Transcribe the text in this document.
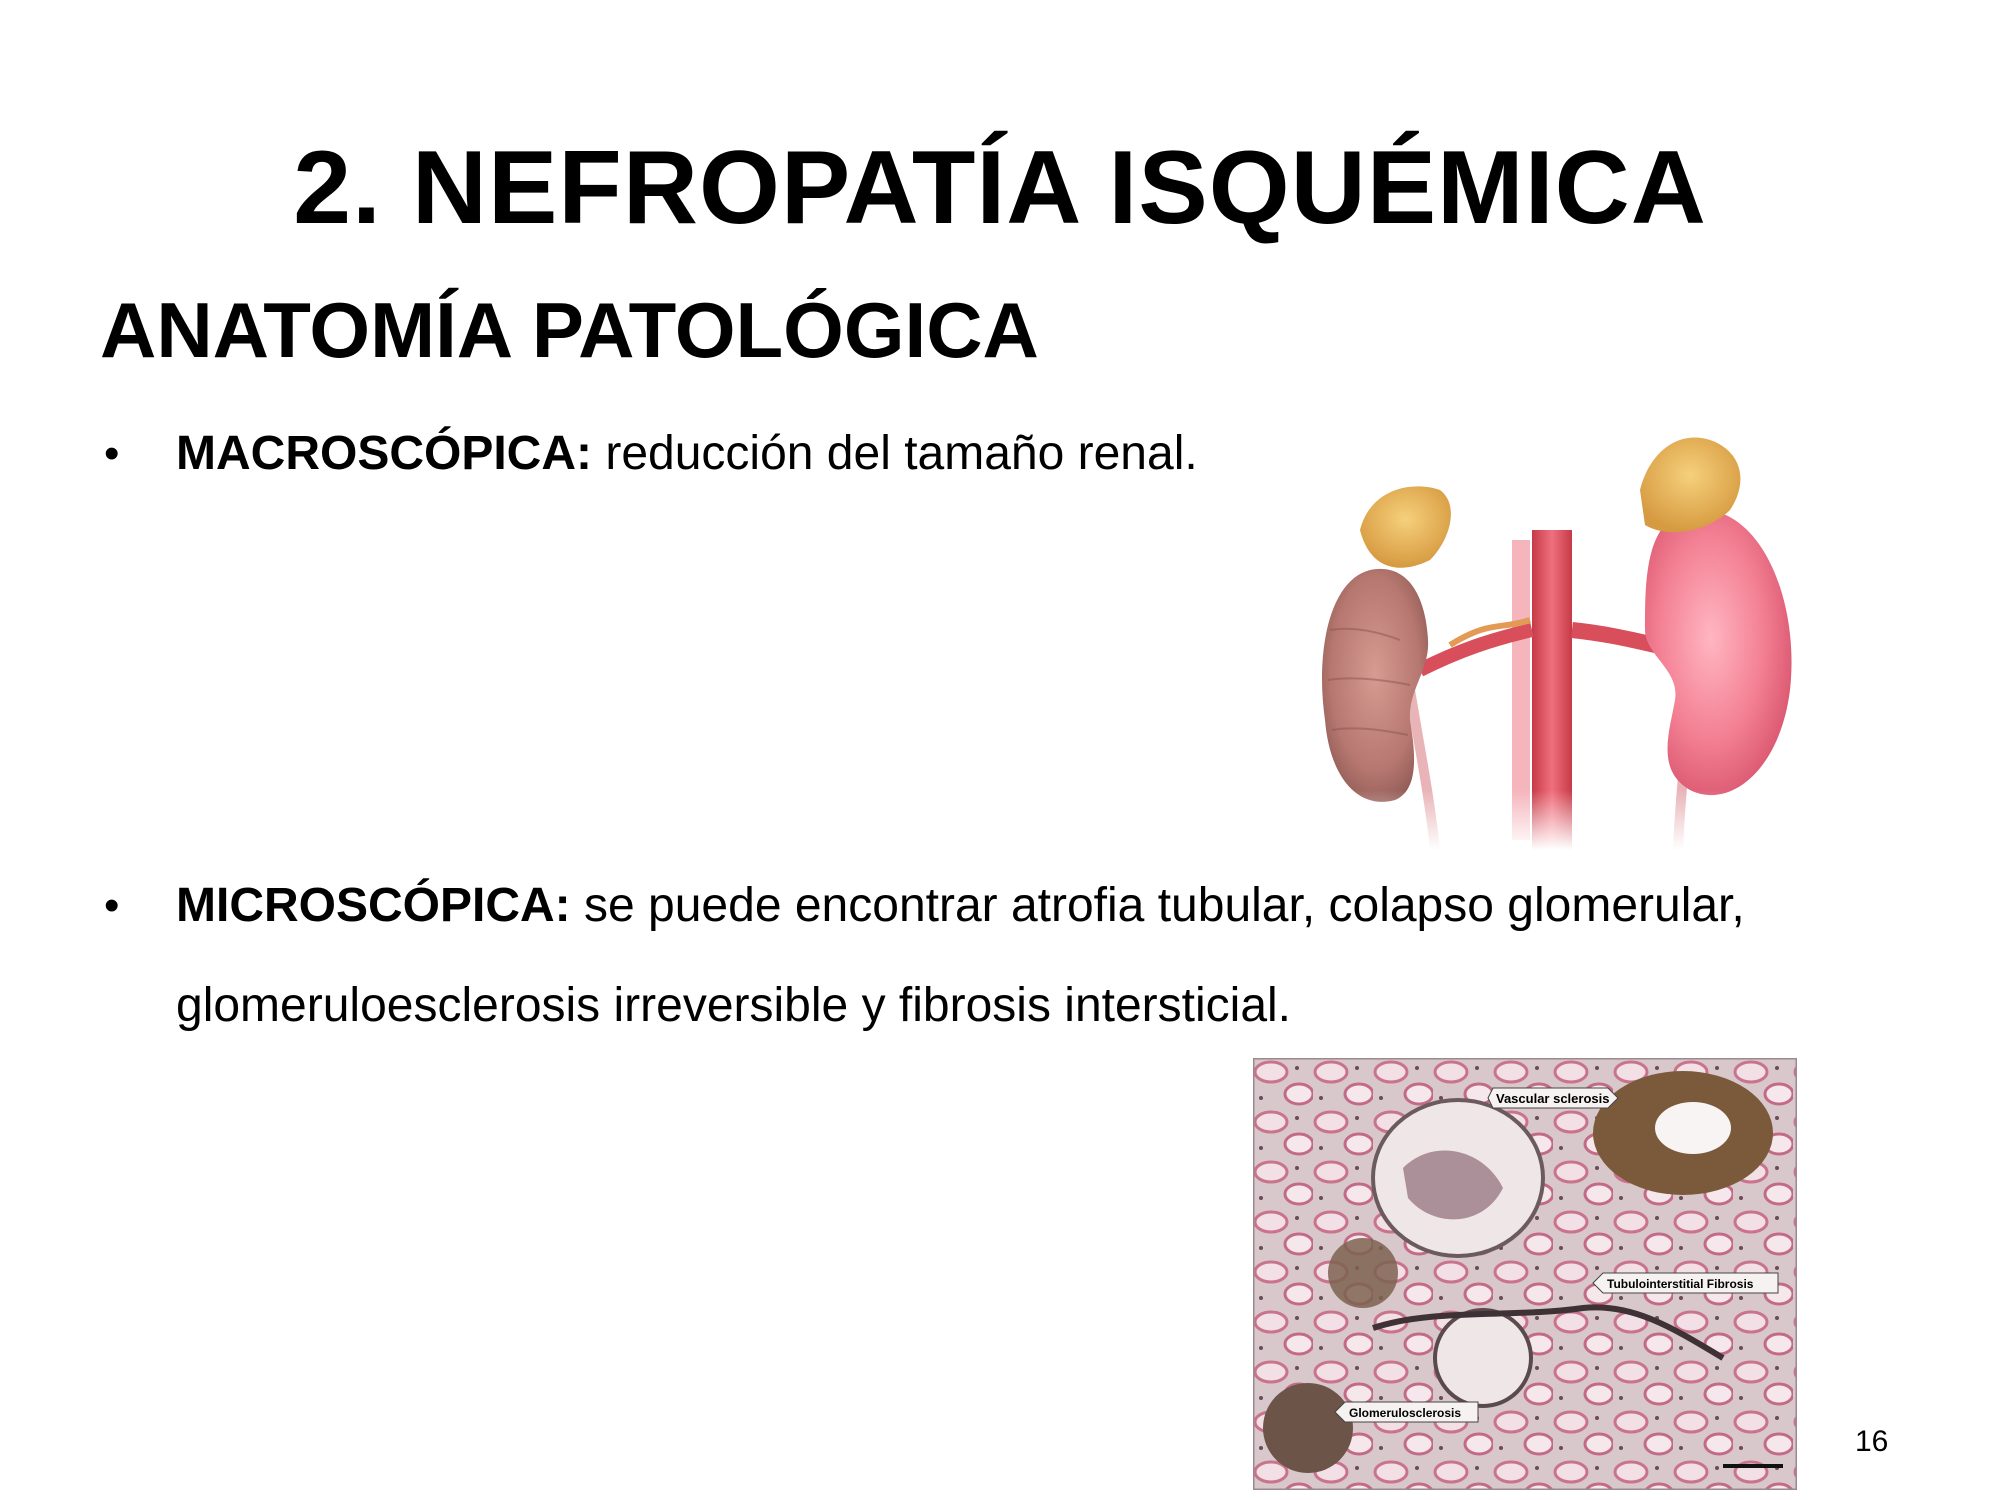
2. NEFROPATÍA ISQUÉMICA
ANATOMÍA PATOLÓGICA
• MACROSCÓPICA: reducción del tamaño renal.
• MICROSCÓPICA: se puede encontrar atrofia tubular, colapso glomerular,
glomeruloesclerosis irreversible y fibrosis intersticial.
Vascular sclerosis
Tubulointerstitial Fibrosis
Glomerulosclerosis
16
